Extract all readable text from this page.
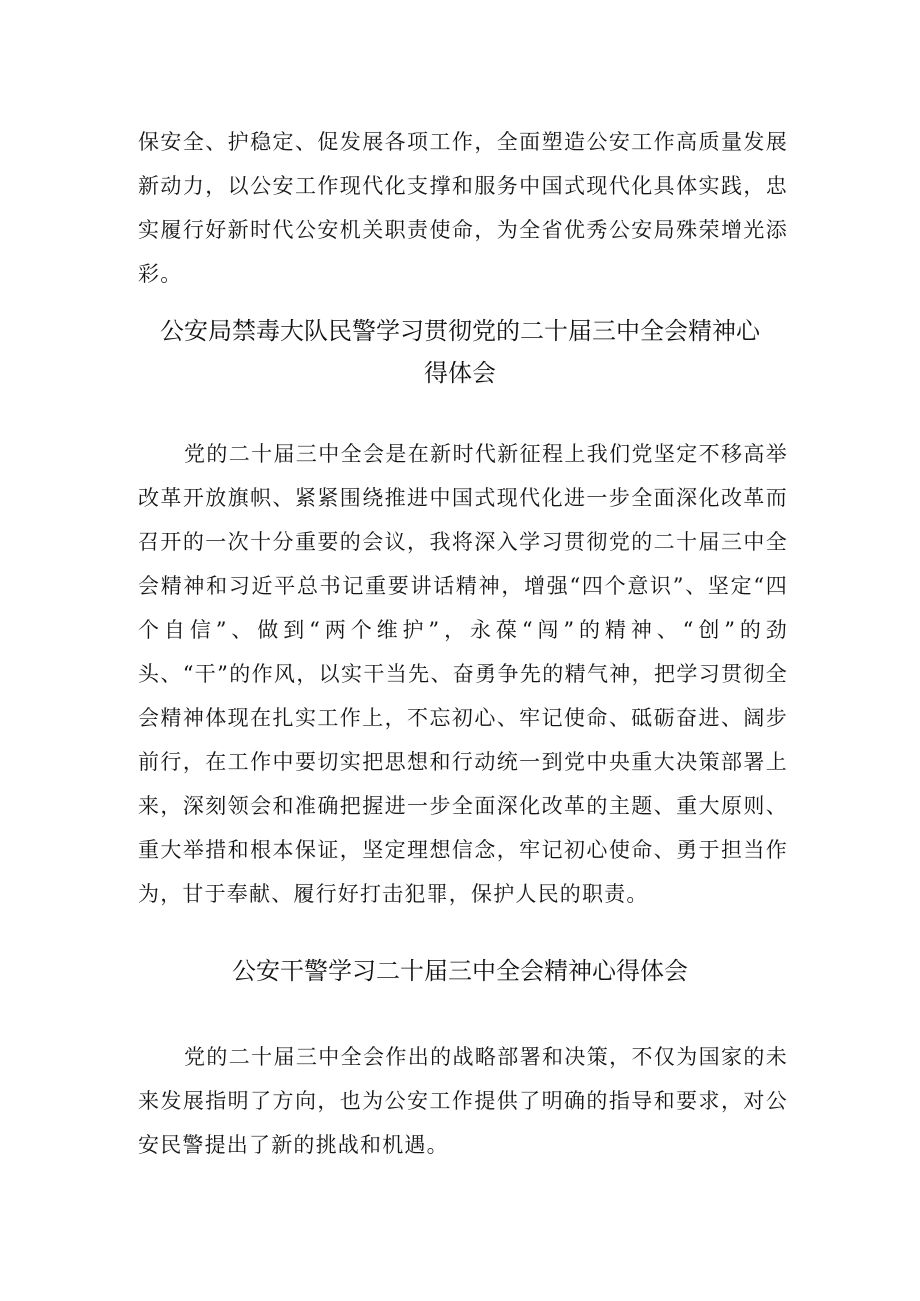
保安全、护稳定、促发展各项工作，全面塑造公安工作高质量发展新动力，以公安工作现代化支撑和服务中国式现代化具体实践，忠实履行好新时代公安机关职责使命，为全省优秀公安局殊荣增光添彩。

公安局禁毒大队民警学习贯彻党的二十届三中全会精神心得体会

党的二十届三中全会是在新时代新征程上我们党坚定不移高举改革开放旗帜、紧紧围绕推进中国式现代化进一步全面深化改革而召开的一次十分重要的会议，我将深入学习贯彻党的二十届三中全会精神和习近平总书记重要讲话精神，增强“四个意识”、坚定“四个自信”、做到“两个维护”，永葆“闯”的精神、“创”的劲头、“干”的作风，以实干当先、奋勇争先的精气神，把学习贯彻全会精神体现在扎实工作上，不忘初心、牢记使命、砥砺奋进、阔步前行，在工作中要切实把思想和行动统一到党中央重大决策部署上来，深刻领会和准确把握进一步全面深化改革的主题、重大原则、重大举措和根本保证，坚定理想信念，牢记初心使命、勇于担当作为，甘于奉献、履行好打击犯罪，保护人民的职责。

公安干警学习二十届三中全会精神心得体会

党的二十届三中全会作出的战略部署和决策，不仅为国家的未来发展指明了方向，也为公安工作提供了明确的指导和要求，对公安民警提出了新的挑战和机遇。
